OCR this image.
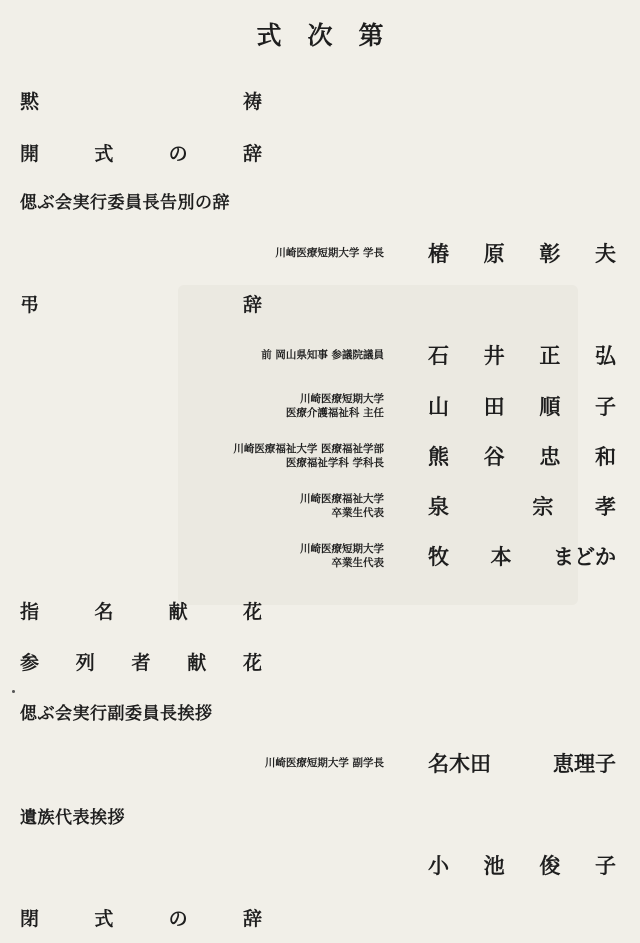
式次第
黙	祷
開	式	の	辞
偲ぶ会実行委員長告別の辞
川崎医療短期大学 学長 椿 原 彰 夫
弔	辞
前 岡山県知事 参議院議員 石 井 正 弘
川崎医療短期大学
医療介護福祉科 主任 山 田 順 子
川崎医療福祉大学 医療福祉学部
医療福祉学科 学科長 熊 谷 忠 和
川崎医療福祉大学
卒業生代表 泉	宗 孝
川崎医療短期大学
卒業生代表 牧 本 まどか
指	名	献	花
参 列 者 献 花
偲ぶ会実行副委員長挨拶
川崎医療短期大学 副学長 名木田	恵理子
遺族代表挨拶
小 池 俊 子
閉	式	の	辞
